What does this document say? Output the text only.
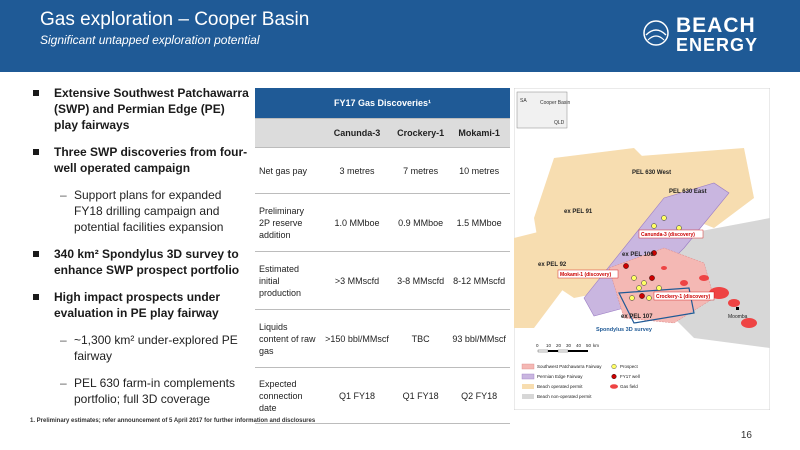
Gas exploration – Cooper Basin
Significant untapped exploration potential
BEACH
ENERGY
Extensive Southwest Patchawarra (SWP) and Permian Edge (PE) play fairways
Three SWP discoveries from four-well operated campaign
– Support plans for expanded FY18 drilling campaign and potential facilities expansion
340 km² Spondylus 3D survey to enhance SWP prospect portfolio
High impact prospects under evaluation in PE play fairway
– ~1,300 km² under-explored PE fairway
– PEL 630 farm-in complements portfolio; full 3D coverage
FY17 Gas Discoveries¹			
	Canunda-3	Crockery-1	Mokami-1
Net gas pay	3 metres	7 metres	10 metres
Preliminary 2P reserve addition	1.0 MMboe	0.9 MMboe	1.5 MMboe
Estimated initial production	>3 MMscfd	3-8 MMscfd	8-12 MMscfd
Liquids content of raw gas	>150 bbl/MMscf	TBC	93 bbl/MMscf
Expected connection date	Q1 FY18	Q1 FY18	Q2 FY18
SA	Cooper Basin
QLD
PEL 630 West
PEL 630 East
ex PEL 91
ex PEL 92
ex PEL 106
ex PEL 107
Mokami-1 (discovery)
Canunda-3 (discovery)
Crockery-1 (discovery)
Spondylus 3D survey
Moomba
0 10 20 30 40 50 km
Southwest Patchawarra Fairway
Permian Edge Fairway
Beach operated permit
Beach non-operated permit
Prospect
FY17 well
Gas field
1. Preliminary estimates; refer announcement of 5 April 2017 for further information and disclosures
16
